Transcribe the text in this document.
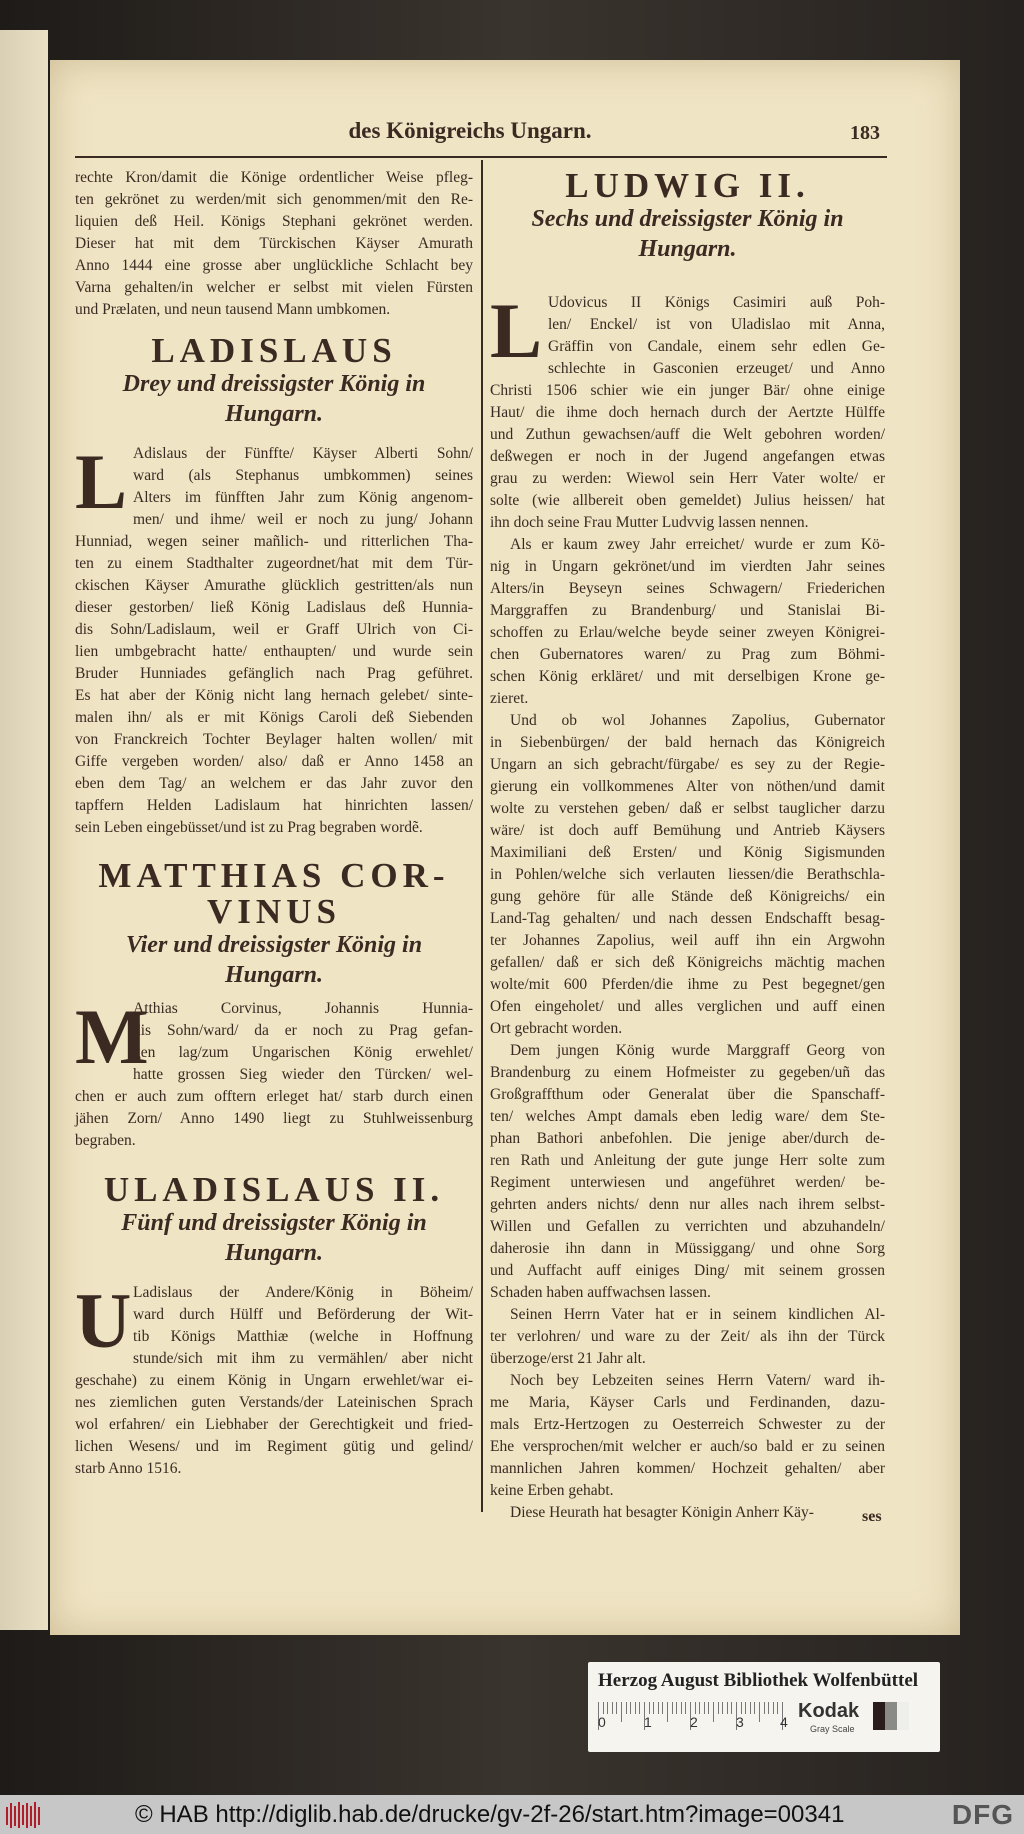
des Königreichs Ungarn.	183
rechte Kron/damit die Könige ordentlicher Weise pfleg-
ten gekrönet zu werden/mit sich genommen/mit den Re-
liquien deß Heil. Königs Stephani gekrönet werden.
Dieser hat mit dem Türckischen Käyser Amurath
Anno 1444 eine grosse aber unglückliche Schlacht bey
Varna gehalten/in welcher er selbst mit vielen Fürsten
und Prælaten, und neun tausend Mann umbkomen.
LADISLAUS
Drey und dreissigster König in
Hungarn.
L Adislaus der Fünffte/ Käyser Alberti Sohn/
ward (als Stephanus umbkommen) seines
Alters im fünfften Jahr zum König angenom-
men/ und ihme/ weil er noch zu jung/ Johann
Hunniad, wegen seiner mañlich- und ritterlichen Tha-
ten zu einem Stadthalter zugeordnet/hat mit dem Tür-
ckischen Käyser Amurathe glücklich gestritten/als nun
dieser gestorben/ ließ König Ladislaus deß Hunnia-
dis Sohn/Ladislaum, weil er Graff Ulrich von Ci-
lien umbgebracht hatte/ enthaupten/ und wurde sein
Bruder Hunniades gefänglich nach Prag geführet.
Es hat aber der König nicht lang hernach gelebet/ sinte-
malen ihn/ als er mit Königs Caroli deß Siebenden
von Franckreich Tochter Beylager halten wollen/ mit
Giffe vergeben worden/ also/ daß er Anno 1458 an
eben dem Tag/ an welchem er das Jahr zuvor den
tapffern Helden Ladislaum hat hinrichten lassen/
sein Leben eingebüsset/und ist zu Prag begraben wordẽ.
MATTHIAS COR-
VINUS
Vier und dreissigster König in
Hungarn.
M
Atthias Corvinus, Johannis Hunnia-
dis Sohn/ward/ da er noch zu Prag gefan-
gen lag/zum Ungarischen König erwehlet/
hatte grossen Sieg wieder den Türcken/ wel-
chen er auch zum offtern erleget hat/ starb durch einen
jähen Zorn/ Anno 1490 liegt zu Stuhlweissenburg
begraben.
ULADISLAUS II.
Fünf und dreissigster König in
Hungarn.
U Ladislaus der Andere/König in Böheim/
ward durch Hülff und Beförderung der Wit-
tib Königs Matthiæ (welche in Hoffnung
stunde/sich mit ihm zu vermählen/ aber nicht
geschahe) zu einem König in Ungarn erwehlet/war ei-
nes ziemlichen guten Verstands/der Lateinischen Sprach
wol erfahren/ ein Liebhaber der Gerechtigkeit und fried-
lichen Wesens/ und im Regiment gütig und gelind/
starb Anno 1516.
LUDWIG II.
Sechs und dreissigster König in
Hungarn.
L Udovicus II Königs Casimiri auß Poh-
len/ Enckel/ ist von Uladislao mit Anna,
Gräffin von Candale, einem sehr edlen Ge-
schlechte in Gasconien erzeuget/ und Anno
Christi 1506 schier wie ein junger Bär/ ohne einige
Haut/ die ihme doch hernach durch der Aertzte Hülffe
und Zuthun gewachsen/auff die Welt gebohren worden/
deßwegen er noch in der Jugend angefangen etwas
grau zu werden: Wiewol sein Herr Vater wolte/ er
solte (wie allbereit oben gemeldet) Julius heissen/ hat
ihn doch seine Frau Mutter Ludvvig lassen nennen.
Als er kaum zwey Jahr erreichet/ wurde er zum Kö-
nig in Ungarn gekrönet/und im vierdten Jahr seines
Alters/in Beyseyn seines Schwagern/ Friederichen
Marggraffen zu Brandenburg/ und Stanislai Bi-
schoffen zu Erlau/welche beyde seiner zweyen Königrei-
chen Gubernatores waren/ zu Prag zum Böhmi-
schen König erkläret/ und mit derselbigen Krone ge-
zieret.
Und ob wol Johannes Zapolius, Gubernator
in Siebenbürgen/ der bald hernach das Königreich
Ungarn an sich gebracht/fürgabe/ es sey zu der Regie-
gierung ein vollkommenes Alter von nöthen/und damit
wolte zu verstehen geben/ daß er selbst tauglicher darzu
wäre/ ist doch auff Bemühung und Antrieb Käysers
Maximiliani deß Ersten/ und König Sigismunden
in Pohlen/welche sich verlauten liessen/die Berathschla-
gung gehöre für alle Stände deß Königreichs/ ein
Land-Tag gehalten/ und nach dessen Endschafft besag-
ter Johannes Zapolius, weil auff ihn ein Argwohn
gefallen/ daß er sich deß Königreichs mächtig machen
wolte/mit 600 Pferden/die ihme zu Pest begegnet/gen
Ofen eingeholet/ und alles verglichen und auff einen
Ort gebracht worden.
Dem jungen König wurde Marggraff Georg von
Brandenburg zu einem Hofmeister zu gegeben/uñ das
Großgraffthum oder Generalat über die Spanschaff-
ten/ welches Ampt damals eben ledig ware/ dem Ste-
phan Bathori anbefohlen. Die jenige aber/durch de-
ren Rath und Anleitung der gute junge Herr solte zum
Regiment unterwiesen und angeführet werden/ be-
gehrten anders nichts/ denn nur alles nach ihrem selbst-
Willen und Gefallen zu verrichten und abzuhandeln/
daherosie ihn dann in Müssiggang/ und ohne Sorg
und Auffacht auff einiges Ding/ mit seinem grossen
Schaden haben auffwachsen lassen.
Seinen Herrn Vater hat er in seinem kindlichen Al-
ter verlohren/ und ware zu der Zeit/ als ihn der Türck
überzoge/erst 21 Jahr alt.
Noch bey Lebzeiten seines Herrn Vatern/ ward ih-
me Maria, Käyser Carls und Ferdinanden, dazu-
mals Ertz-Hertzogen zu Oesterreich Schwester zu der
Ehe versprochen/mit welcher er auch/so bald er zu seinen
mannlichen Jahren kommen/ Hochzeit gehalten/ aber
keine Erben gehabt.
Diese Heurath hat besagter Königin Anherr Käy-	ses
Herzog August Bibliothek Wolfenbüttel
0	1	2	3	4 Kodak
Gray Scale
© HAB http://diglib.hab.de/drucke/gv-2f-26/start.htm?image=00341	DFG
